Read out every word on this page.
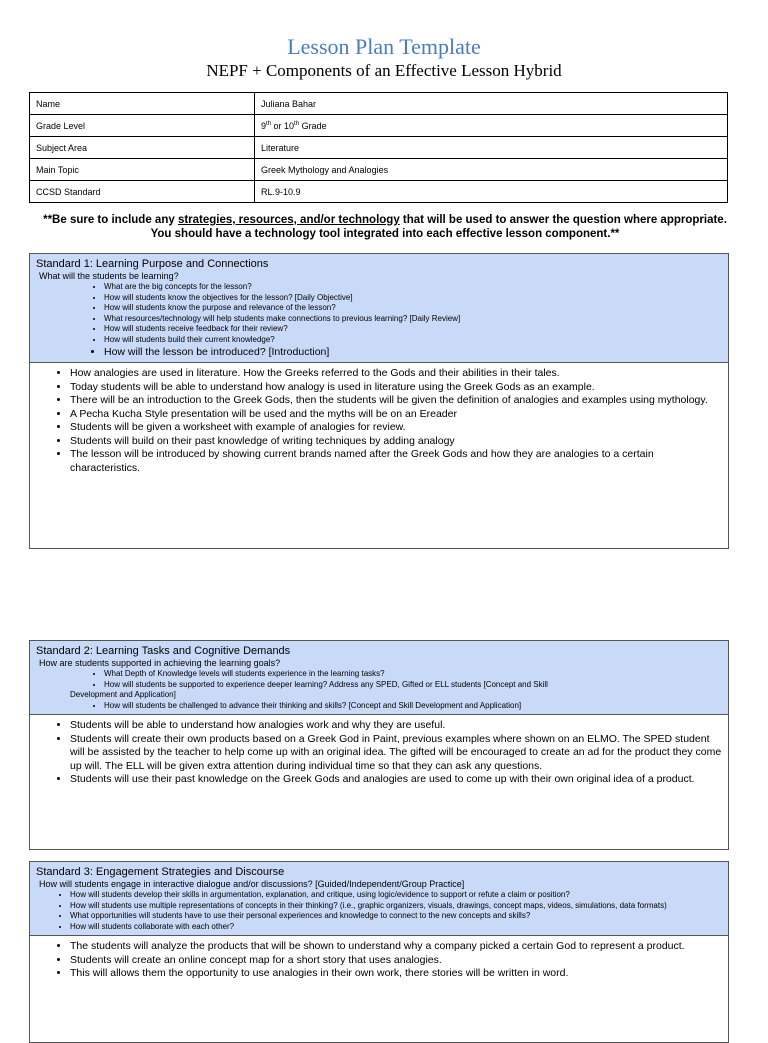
Lesson Plan Template
NEPF + Components of an Effective Lesson Hybrid
Name	Juliana Bahar
Grade Level	9th or 10th Grade
Subject Area	Literature
Main Topic	Greek Mythology and Analogies
CCSD Standard	RL.9-10.9
**Be sure to include any strategies, resources, and/or technology that will be used to answer the question where appropriate. You should have a technology tool integrated into each effective lesson component.**
Standard 1: Learning Purpose and Connections
What will the students be learning?
• What are the big concepts for the lesson?
• How will students know the objectives for the lesson? [Daily Objective]
• How will students know the purpose and relevance of the lesson?
• What resources/technology will help students make connections to previous learning? [Daily Review]
• How will students receive feedback for their review?
• How will students build their current knowledge?
• How will the lesson be introduced? [Introduction]
• How analogies are used in literature. How the Greeks referred to the Gods and their abilities in their tales.
• Today students will be able to understand how analogy is used in literature using the Greek Gods as an example.
• There will be an introduction to the Greek Gods, then the students will be given the definition of analogies and examples using mythology.
• A Pecha Kucha Style presentation will be used and the myths will be on an Ereader
• Students will be given a worksheet with example of analogies for review.
• Students will build on their past knowledge of writing techniques by adding analogy
• The lesson will be introduced by showing current brands named after the Greek Gods and how they are analogies to a certain characteristics.
Standard 2: Learning Tasks and Cognitive Demands
How are students supported in achieving the learning goals?
• What Depth of Knowledge levels will students experience in the learning tasks?
• How will students be supported to experience deeper learning? Address any SPED, Gifted or ELL students [Concept and Skill
Development and Application]
• How will students be challenged to advance their thinking and skills? [Concept and Skill Development and Application]
• Students will be able to understand how analogies work and why they are useful.
• Students will create their own products based on a Greek God in Paint, previous examples where shown on an ELMO. The SPED student will be assisted by the teacher to help come up with an original idea. The gifted will be encouraged to create an ad for the product they come up will. The ELL will be given extra attention during individual time so that they can ask any questions.
• Students will use their past knowledge on the Greek Gods and analogies are used to come up with their own original idea of a product.
Standard 3: Engagement Strategies and Discourse
How will students engage in interactive dialogue and/or discussions? [Guided/Independent/Group Practice]
• How will students develop their skills in argumentation, explanation, and critique, using logic/evidence to support or refute a claim or position?
• How will students use multiple representations of concepts in their thinking? (i.e., graphic organizers, visuals, drawings, concept maps, videos, simulations, data formats)
• What opportunities will students have to use their personal experiences and knowledge to connect to the new concepts and skills?
• How will students collaborate with each other?
• The students will analyze the products that will be shown to understand why a company picked a certain God to represent a product.
• Students will create an online concept map for a short story that uses analogies.
• This will allows them the opportunity to use analogies in their own work, there stories will be written in word.
